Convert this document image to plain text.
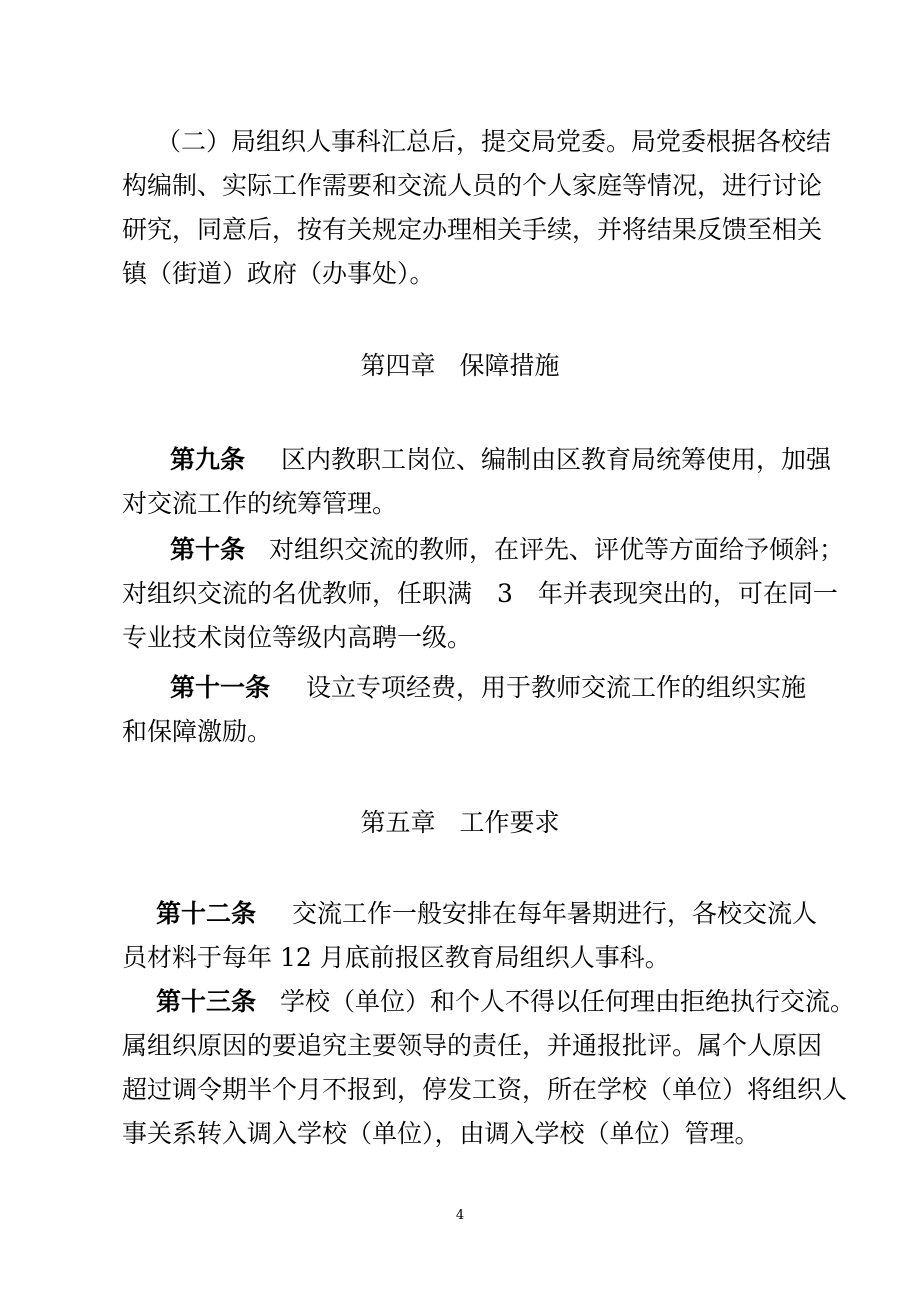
（二）局组织人事科汇总后，提交局党委。局党委根据各校结
构编制、实际工作需要和交流人员的个人家庭等情况，进行讨论
研究，同意后，按有关规定办理相关手续，并将结果反馈至相关
镇（街道）政府（办事处）。
第四章 保障措施
第九条 区内教职工岗位、编制由区教育局统筹使用，加强
对交流工作的统筹管理。
第十条 对组织交流的教师，在评先、评优等方面给予倾斜；
对组织交流的名优教师，任职满　3　年并表现突出的，可在同一
专业技术岗位等级内高聘一级。
第十一条 设立专项经费，用于教师交流工作的组织实施
和保障激励。
第五章 工作要求
第十二条 交流工作一般安排在每年暑期进行，各校交流人
员材料于每年 12 月底前报区教育局组织人事科。
第十三条 学校（单位）和个人不得以任何理由拒绝执行交流。
属组织原因的要追究主要领导的责任，并通报批评。属个人原因
超过调令期半个月不报到，停发工资，所在学校（单位）将组织人
事关系转入调入学校（单位），由调入学校（单位）管理。
4
